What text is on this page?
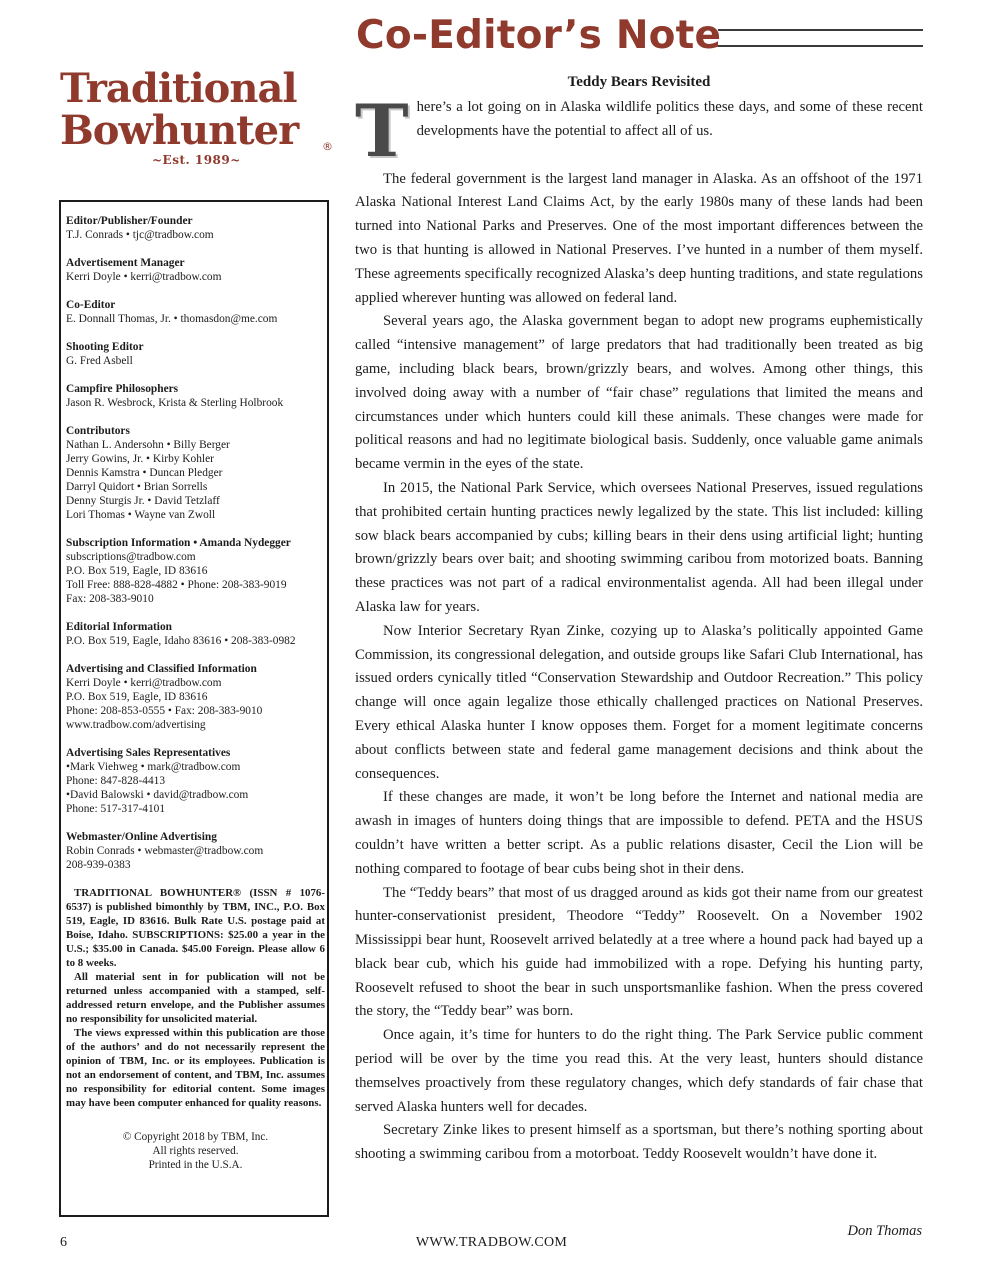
Co-Editor’s Note
Traditional
Bowhunter	®
~Est. 1989~
Editor/Publisher/Founder
T.J. Conrads • tjc@tradbow.com
Advertisement Manager
Kerri Doyle • kerri@tradbow.com
Co-Editor
E. Donnall Thomas, Jr. • thomasdon@me.com
Shooting Editor
G. Fred Asbell
Campfire Philosophers
Jason R. Wesbrock, Krista & Sterling Holbrook
Contributors
Nathan L. Andersohn • Billy Berger
Jerry Gowins, Jr. • Kirby Kohler
Dennis Kamstra • Duncan Pledger
Darryl Quidort • Brian Sorrells
Denny Sturgis Jr. • David Tetzlaff
Lori Thomas • Wayne van Zwoll
Subscription Information • Amanda Nydegger
subscriptions@tradbow.com
P.O. Box 519, Eagle, ID 83616
Toll Free: 888-828-4882 • Phone: 208-383-9019
Fax: 208-383-9010
Editorial Information
P.O. Box 519, Eagle, Idaho 83616 • 208-383-0982
Advertising and Classified Information
Kerri Doyle • kerri@tradbow.com
P.O. Box 519, Eagle, ID 83616
Phone: 208-853-0555 • Fax: 208-383-9010
www.tradbow.com/advertising
Advertising Sales Representatives
•Mark Viehweg • mark@tradbow.com
Phone: 847-828-4413
•David Balowski • david@tradbow.com
Phone: 517-317-4101
Webmaster/Online Advertising
Robin Conrads • webmaster@tradbow.com
208-939-0383

TRADITIONAL BOWHUNTER® (ISSN # 1076-6537) is published bimonthly by TBM, INC., P.O. Box 519, Eagle, ID 83616. Bulk Rate U.S. postage paid at Boise, Idaho. SUBSCRIPTIONS: $25.00 a year in the U.S.; $35.00 in Canada. $45.00 Foreign. Please allow 6 to 8 weeks.

All material sent in for publication will not be returned unless accompanied with a stamped, self-addressed return envelope, and the Publisher assumes no responsibility for unsolicited material.

The views expressed within this publication are those of the authors’ and do not necessarily represent the opinion of TBM, Inc. or its employees. Publication is not an endorsement of content, and TBM, Inc. assumes no responsibility for editorial content. Some images may have been computer enhanced for quality reasons.

© Copyright 2018 by TBM, Inc.
All rights reserved.
Printed in the U.S.A.
Teddy Bears Revisited

There’s a lot going on in Alaska wildlife politics these days, and some of these recent developments have the potential to affect all of us.

The federal government is the largest land manager in Alaska. As an offshoot of the 1971 Alaska National Interest Land Claims Act, by the early 1980s many of these lands had been turned into National Parks and Preserves. One of the most important differences between the two is that hunting is allowed in National Preserves. I’ve hunted in a number of them myself. These agreements specifically recognized Alaska’s deep hunting traditions, and state regulations applied wherever hunting was allowed on federal land.

Several years ago, the Alaska government began to adopt new programs euphemistically called “intensive management” of large predators that had traditionally been treated as big game, including black bears, brown/grizzly bears, and wolves. Among other things, this involved doing away with a number of “fair chase” regulations that limited the means and circumstances under which hunters could kill these animals. These changes were made for political reasons and had no legitimate biological basis. Suddenly, once valuable game animals became vermin in the eyes of the state.

In 2015, the National Park Service, which oversees National Preserves, issued regulations that prohibited certain hunting practices newly legalized by the state. This list included: killing sow black bears accompanied by cubs; killing bears in their dens using artificial light; hunting brown/grizzly bears over bait; and shooting swimming caribou from motorized boats. Banning these practices was not part of a radical environmentalist agenda. All had been illegal under Alaska law for years.

Now Interior Secretary Ryan Zinke, cozying up to Alaska’s politically appointed Game Commission, its congressional delegation, and outside groups like Safari Club International, has issued orders cynically titled “Conservation Stewardship and Outdoor Recreation.” This policy change will once again legalize those ethically challenged practices on National Preserves. Every ethical Alaska hunter I know opposes them. Forget for a moment legitimate concerns about conflicts between state and federal game management decisions and think about the consequences.

If these changes are made, it won’t be long before the Internet and national media are awash in images of hunters doing things that are impossible to defend. PETA and the HSUS couldn’t have written a better script. As a public relations disaster, Cecil the Lion will be nothing compared to footage of bear cubs being shot in their dens.

The “Teddy bears” that most of us dragged around as kids got their name from our greatest hunter-conservationist president, Theodore “Teddy” Roosevelt. On a November 1902 Mississippi bear hunt, Roosevelt arrived belatedly at a tree where a hound pack had bayed up a black bear cub, which his guide had immobilized with a rope. Defying his hunting party, Roosevelt refused to shoot the bear in such unsportsmanlike fashion. When the press covered the story, the “Teddy bear” was born.

Once again, it’s time for hunters to do the right thing. The Park Service public comment period will be over by the time you read this. At the very least, hunters should distance themselves proactively from these regulatory changes, which defy standards of fair chase that served Alaska hunters well for decades.

Secretary Zinke likes to present himself as a sportsman, but there’s nothing sporting about shooting a swimming caribou from a motorboat. Teddy Roosevelt wouldn’t have done it.

Don Thomas
6	WWW.TRADBOW.COM
